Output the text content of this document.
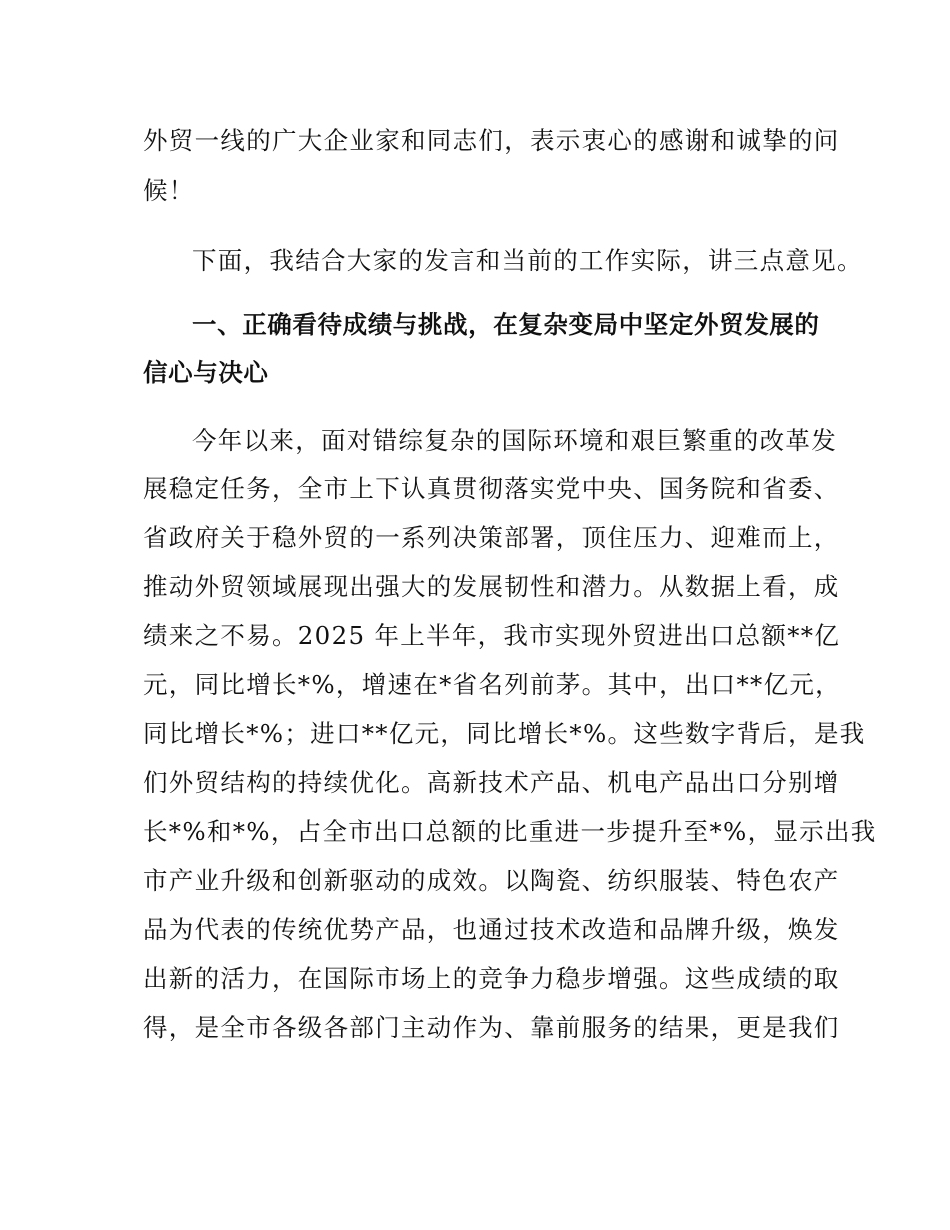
外贸一线的广大企业家和同志们，表示衷心的感谢和诚挚的问
候！
下面，我结合大家的发言和当前的工作实际，讲三点意见。
一、正确看待成绩与挑战，在复杂变局中坚定外贸发展的
信心与决心
今年以来，面对错综复杂的国际环境和艰巨繁重的改革发
展稳定任务，全市上下认真贯彻落实党中央、国务院和省委、
省政府关于稳外贸的一系列决策部署，顶住压力、迎难而上，
推动外贸领域展现出强大的发展韧性和潜力。从数据上看，成
绩来之不易。2025 年上半年，我市实现外贸进出口总额**亿
元，同比增长*%，增速在*省名列前茅。其中，出口**亿元，
同比增长*%；进口**亿元，同比增长*%。这些数字背后，是我
们外贸结构的持续优化。高新技术产品、机电产品出口分别增
长*%和*%，占全市出口总额的比重进一步提升至*%，显示出我
市产业升级和创新驱动的成效。以陶瓷、纺织服装、特色农产
品为代表的传统优势产品，也通过技术改造和品牌升级，焕发
出新的活力，在国际市场上的竞争力稳步增强。这些成绩的取
得，是全市各级各部门主动作为、靠前服务的结果，更是我们
